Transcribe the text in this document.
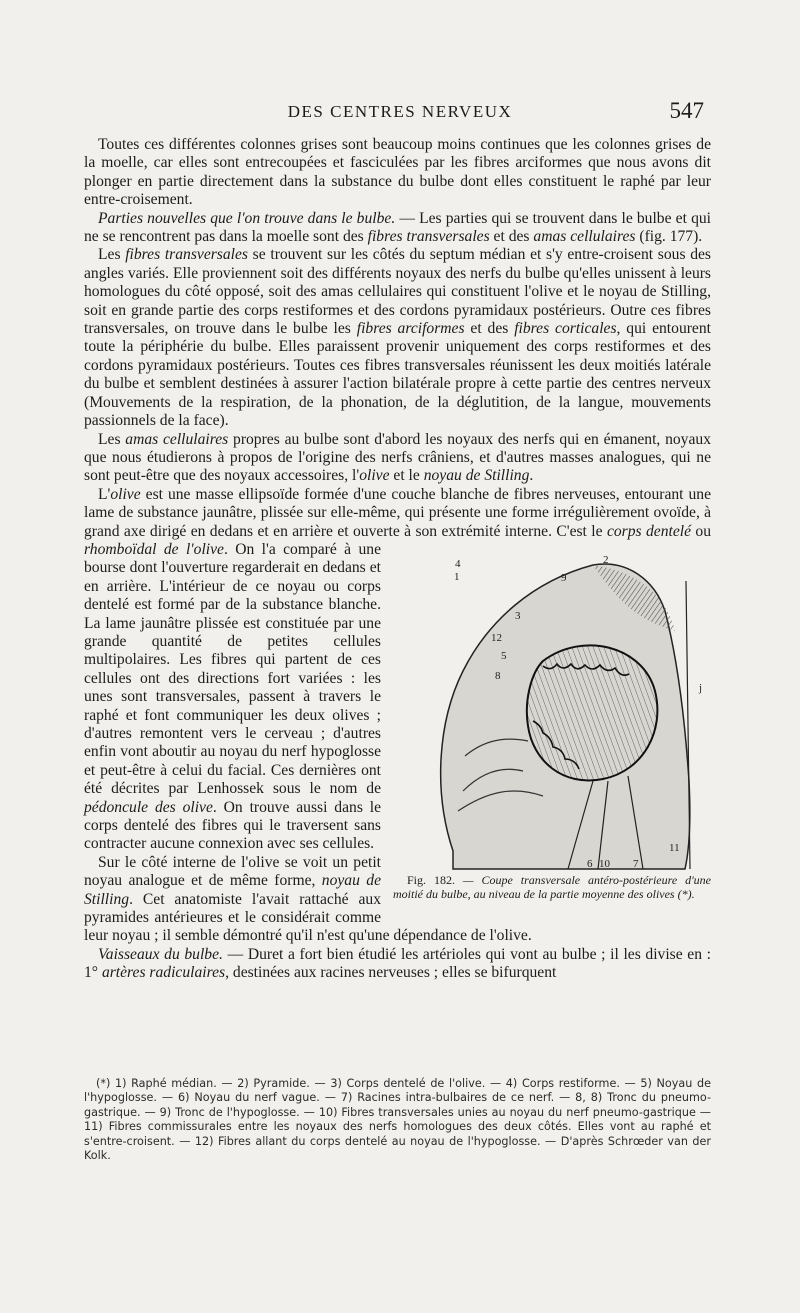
DES CENTRES NERVEUX	547

Toutes ces différentes colonnes grises sont beaucoup moins continues que les colonnes grises de la moelle, car elles sont entrecoupées et fasciculées par les fibres arciformes que nous avons dit plonger en partie directement dans la substance du bulbe dont elles constituent le raphé par leur entre-croisement.

Parties nouvelles que l'on trouve dans le bulbe. — Les parties qui se trouvent dans le bulbe et qui ne se rencontrent pas dans la moelle sont des fibres transversales et des amas cellulaires (fig. 177).

Les fibres transversales se trouvent sur les côtés du septum médian et s'y entre-croisent sous des angles variés. Elle proviennent soit des différents noyaux des nerfs du bulbe qu'elles unissent à leurs homologues du côté opposé, soit des amas cellulaires qui constituent l'olive et le noyau de Stilling, soit en grande partie des corps restiformes et des cordons pyramidaux postérieurs. Outre ces fibres transversales, on trouve dans le bulbe les fibres arciformes et des fibres corticales, qui entourent toute la périphérie du bulbe. Elles paraissent provenir uniquement des corps restiformes et des cordons pyramidaux postérieurs. Toutes ces fibres transversales réunissent les deux moitiés latérale du bulbe et semblent destinées à assurer l'action bilatérale propre à cette partie des centres nerveux (Mouvements de la respiration, de la phonation, de la déglutition, de la langue, mouvements passionnels de la face).

Les amas cellulaires propres au bulbe sont d'abord les noyaux des nerfs qui en émanent, noyaux que nous étudierons à propos de l'origine des nerfs crâniens, et d'autres masses analogues, qui ne sont peut-être que des noyaux accessoires, l'olive et le noyau de Stilling.

L'olive est une masse ellipsoïde formée d'une couche blanche de fibres nerveuses, entourant une lame de substance jaunâtre, plissée sur elle-même, qui présente une forme irrégulièrement ovoïde, à grand axe dirigé en dedans et en arrière et ouverte à son extrémité interne. C'est le
4
1
2
9
3
12
5
8
j
10
6	7
11
Fig. 182. — Coupe transversale antéro-postérieure d'une moitié du bulbe, au niveau de la partie moyenne des olives (*).
corps dentelé ou rhomboïdal de l'olive. On l'a comparé à une bourse dont l'ouverture regarderait en dedans et en arrière. L'intérieur de ce noyau ou corps dentelé est formé par de la substance blanche. La lame jaunâtre plissée est constituée par une grande quantité de petites cellules multipolaires. Les fibres qui partent de ces cellules ont des directions fort variées : les unes sont transversales, passent à travers le raphé et font communiquer les deux olives ; d'autres remontent vers le cerveau ; d'autres enfin vont aboutir au noyau du nerf hypoglosse et peut-être à celui du facial. Ces dernières ont été décrites par Lenhossek sous le nom de pédoncule des olive. On trouve aussi dans le corps dentelé des fibres qui le traversent sans contracter aucune connexion avec ses cellules.

Sur le côté interne de l'olive se voit un petit noyau analogue et de même forme, noyau de Stilling. Cet anatomiste l'avait rattaché aux pyramides antérieures et le considérait comme leur noyau ; il semble démontré qu'il n'est qu'une dépendance de l'olive.

Vaisseaux du bulbe. — Duret a fort bien étudié les artérioles qui vont au bulbe ; il les divise en : 1° artères radiculaires, destinées aux racines nerveuses ; elles se bifurquent

(*) 1) Raphé médian. — 2) Pyramide. — 3) Corps dentelé de l'olive. — 4) Corps restiforme. — 5) Noyau de l'hypoglosse. — 6) Noyau du nerf vague. — 7) Racines intra-bulbaires de ce nerf. — 8, 8) Tronc du pneumo-gastrique. — 9) Tronc de l'hypoglosse. — 10) Fibres transversales unies au noyau du nerf pneumo-gastrique — 11) Fibres commissurales entre les noyaux des nerfs homologues des deux côtés. Elles vont au raphé et s'entre-croisent. — 12) Fibres allant du corps dentelé au noyau de l'hypoglosse. — D'après Schrœder van der Kolk.
